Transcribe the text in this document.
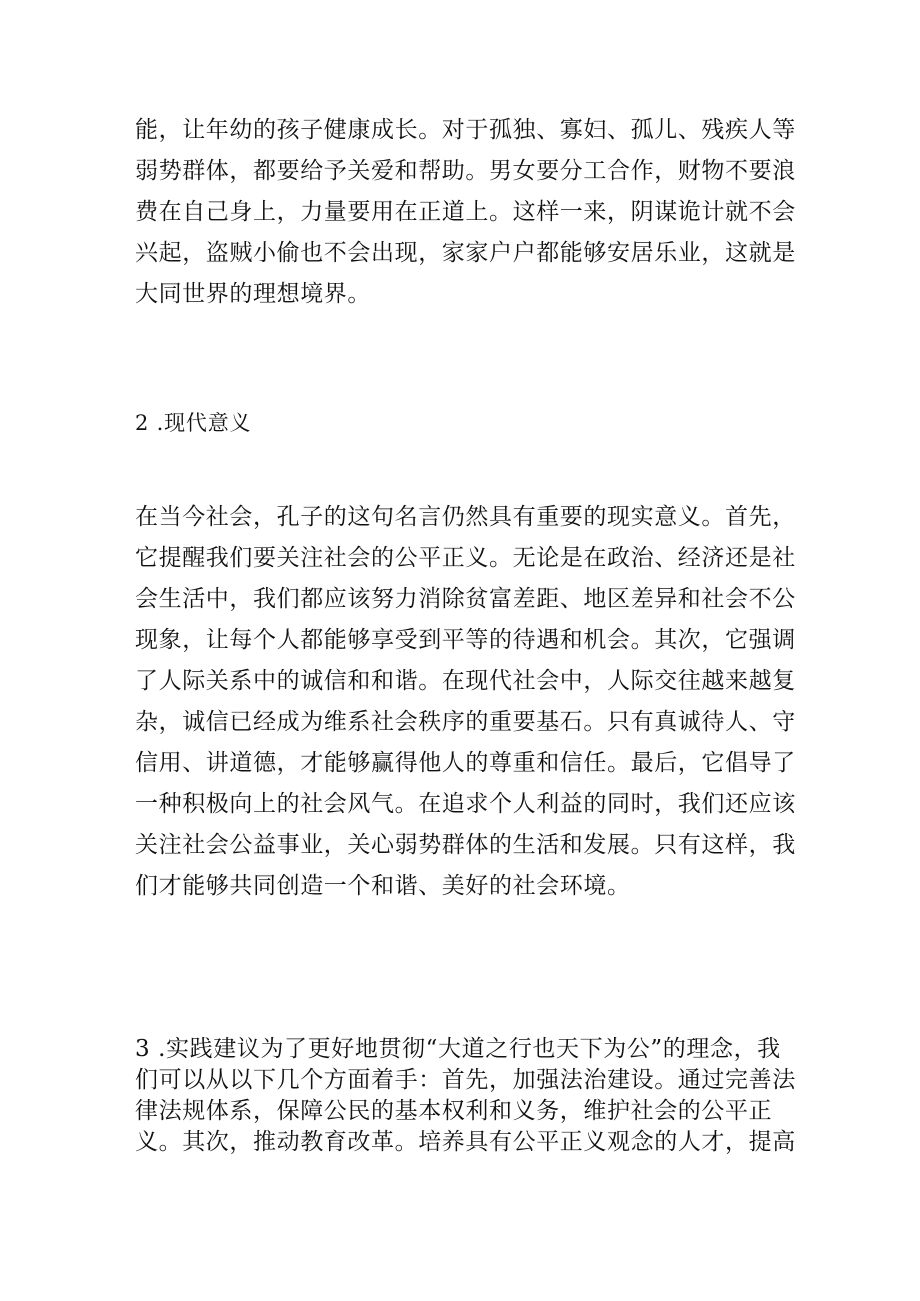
能，让年幼的孩子健康成长。对于孤独、寡妇、孤儿、残疾人等
弱势群体，都要给予关爱和帮助。男女要分工合作，财物不要浪
费在自己身上，力量要用在正道上。这样一来，阴谋诡计就不会
兴起，盗贼小偷也不会出现，家家户户都能够安居乐业，这就是
大同世界的理想境界。
2 .现代意义
在当今社会，孔子的这句名言仍然具有重要的现实意义。首先，
它提醒我们要关注社会的公平正义。无论是在政治、经济还是社
会生活中，我们都应该努力消除贫富差距、地区差异和社会不公
现象，让每个人都能够享受到平等的待遇和机会。其次，它强调
了人际关系中的诚信和和谐。在现代社会中，人际交往越来越复
杂，诚信已经成为维系社会秩序的重要基石。只有真诚待人、守
信用、讲道德，才能够赢得他人的尊重和信任。最后，它倡导了
一种积极向上的社会风气。在追求个人利益的同时，我们还应该
关注社会公益事业，关心弱势群体的生活和发展。只有这样，我
们才能够共同创造一个和谐、美好的社会环境。
3 .实践建议为了更好地贯彻“大道之行也天下为公”的理念，我
们可以从以下几个方面着手：首先，加强法治建设。通过完善法
律法规体系，保障公民的基本权利和义务，维护社会的公平正
义。其次，推动教育改革。培养具有公平正义观念的人才，提高
